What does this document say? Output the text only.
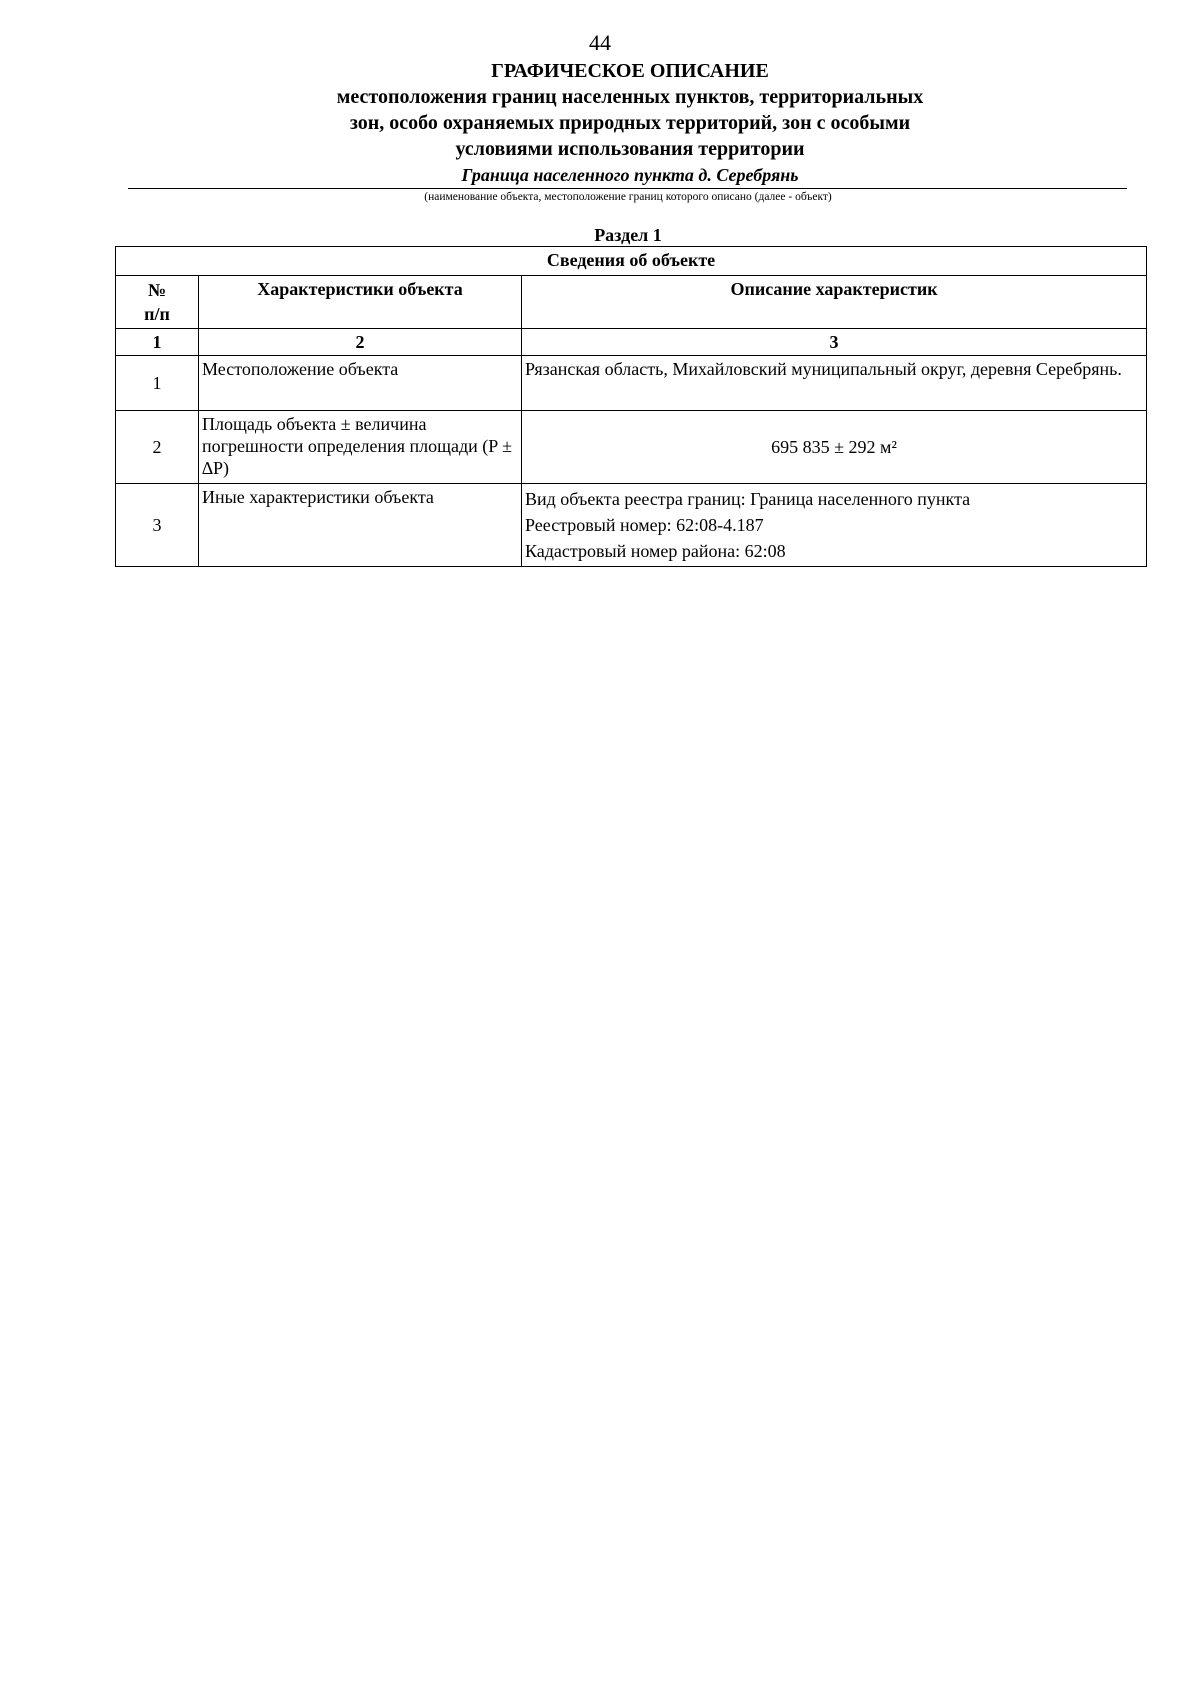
44
ГРАФИЧЕСКОЕ ОПИСАНИЕ
местоположения границ населенных пунктов, территориальных
зон, особо охраняемых природных территорий, зон с особыми
условиями использования территории
Граница населенного пункта д. Серебрянь
(наименование объекта, местоположение границ которого описано (далее - объект)
Раздел 1
Сведения об объекте		

№
п/п	Характеристики объекта	Описание характеристик
1	2	3
1	Местоположение объекта	Рязанская область, Михайловский муниципальный округ, деревня Серебрянь.
2	Площадь объекта ± величина погрешности определения площади (P ± ∆P)	695 835 ± 292 м²
3	Иные характеристики объекта	Вид объекта реестра границ: Граница населенного пункта
Реестровый номер: 62:08-4.187
Кадастровый номер района: 62:08
